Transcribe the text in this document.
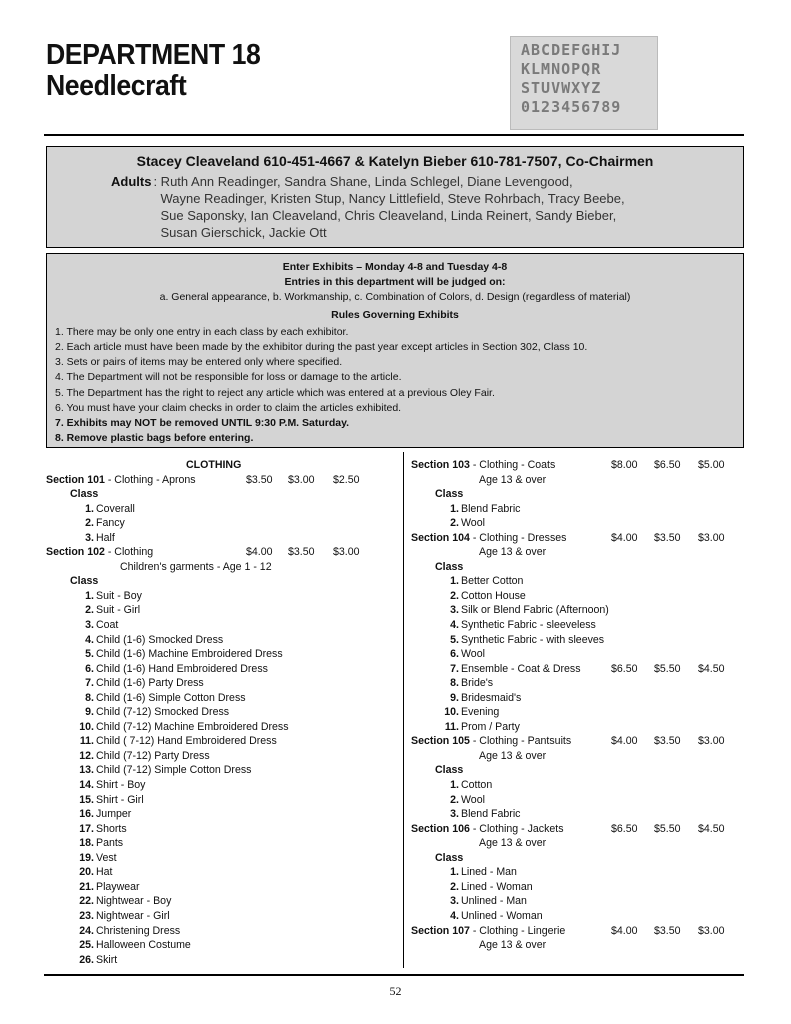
DEPARTMENT 18
Needlecraft
ABCDEFGHIJ
KLMNOPQR
STUVWXYZ
0123456789
Stacey Cleaveland 610-451-4667 & Katelyn Bieber 610-781-7507, Co-Chairmen
Adults : Ruth Ann Readinger, Sandra Shane, Linda Schlegel, Diane Levengood,
Wayne Readinger, Kristen Stup, Nancy Littlefield, Steve Rohrbach, Tracy Beebe,
Sue Saponsky, Ian Cleaveland, Chris Cleaveland, Linda Reinert, Sandy Bieber,
Susan Gierschick, Jackie Ott
Enter Exhibits – Monday 4-8 and Tuesday 4-8
Entries in this department will be judged on:
a. General appearance, b. Workmanship, c. Combination of Colors, d. Design (regardless of material)
Rules Governing Exhibits
1. There may be only one entry in each class by each exhibitor.
2. Each article must have been made by the exhibitor during the past year except articles in Section 302, Class 10.
3. Sets or pairs of items may be entered only where specified.
4. The Department will not be responsible for loss or damage to the article.
5. The Department has the right to reject any article which was entered at a previous Oley Fair.
6. You must have your claim checks in order to claim the articles exhibited.
7. Exhibits may NOT be removed UNTIL 9:30 P.M. Saturday.
8. Remove plastic bags before entering.
CLOTHING
Section 101 - Clothing - Aprons	$3.50 $3.00 $2.50
Class
1. Coverall
2. Fancy
3. Half
Section 102 - Clothing	$4.00 $3.50 $3.00
Children's garments - Age 1 - 12
Class
1. Suit - Boy
2. Suit - Girl
3. Coat
4. Child (1-6) Smocked Dress
5. Child (1-6) Machine Embroidered Dress
6. Child (1-6) Hand Embroidered Dress
7. Child (1-6) Party Dress
8. Child (1-6) Simple Cotton Dress
9. Child (7-12) Smocked Dress
10. Child (7-12) Machine Embroidered Dress
11. Child ( 7-12) Hand Embroidered Dress
12. Child (7-12) Party Dress
13. Child (7-12) Simple Cotton Dress
14. Shirt - Boy
15. Shirt - Girl
16. Jumper
17. Shorts
18. Pants
19. Vest
20. Hat
21. Playwear
22. Nightwear - Boy
23. Nightwear - Girl
24. Christening Dress
25. Halloween Costume
26. Skirt
Section 103 - Clothing - Coats	$8.00 $6.50 $5.00
Age 13 & over
Class
1. Blend Fabric
2. Wool
Section 104 - Clothing - Dresses	$4.00 $3.50 $3.00
Age 13 & over
Class
1. Better Cotton
2. Cotton House
3. Silk or Blend Fabric (Afternoon)
4. Synthetic Fabric - sleeveless
5. Synthetic Fabric - with sleeves
6. Wool
7. Ensemble - Coat & Dress	$6.50 $5.50 $4.50
8. Bride's
9. Bridesmaid's
10. Evening
11. Prom / Party
Section 105 - Clothing - Pantsuits	$4.00 $3.50 $3.00
Age 13 & over
Class
1. Cotton
2. Wool
3. Blend Fabric
Section 106 - Clothing - Jackets	$6.50 $5.50 $4.50
Age 13 & over
Class
1. Lined - Man
2. Lined - Woman
3. Unlined - Man
4. Unlined - Woman
Section 107 - Clothing - Lingerie	$4.00 $3.50 $3.00
Age 13 & over
52
